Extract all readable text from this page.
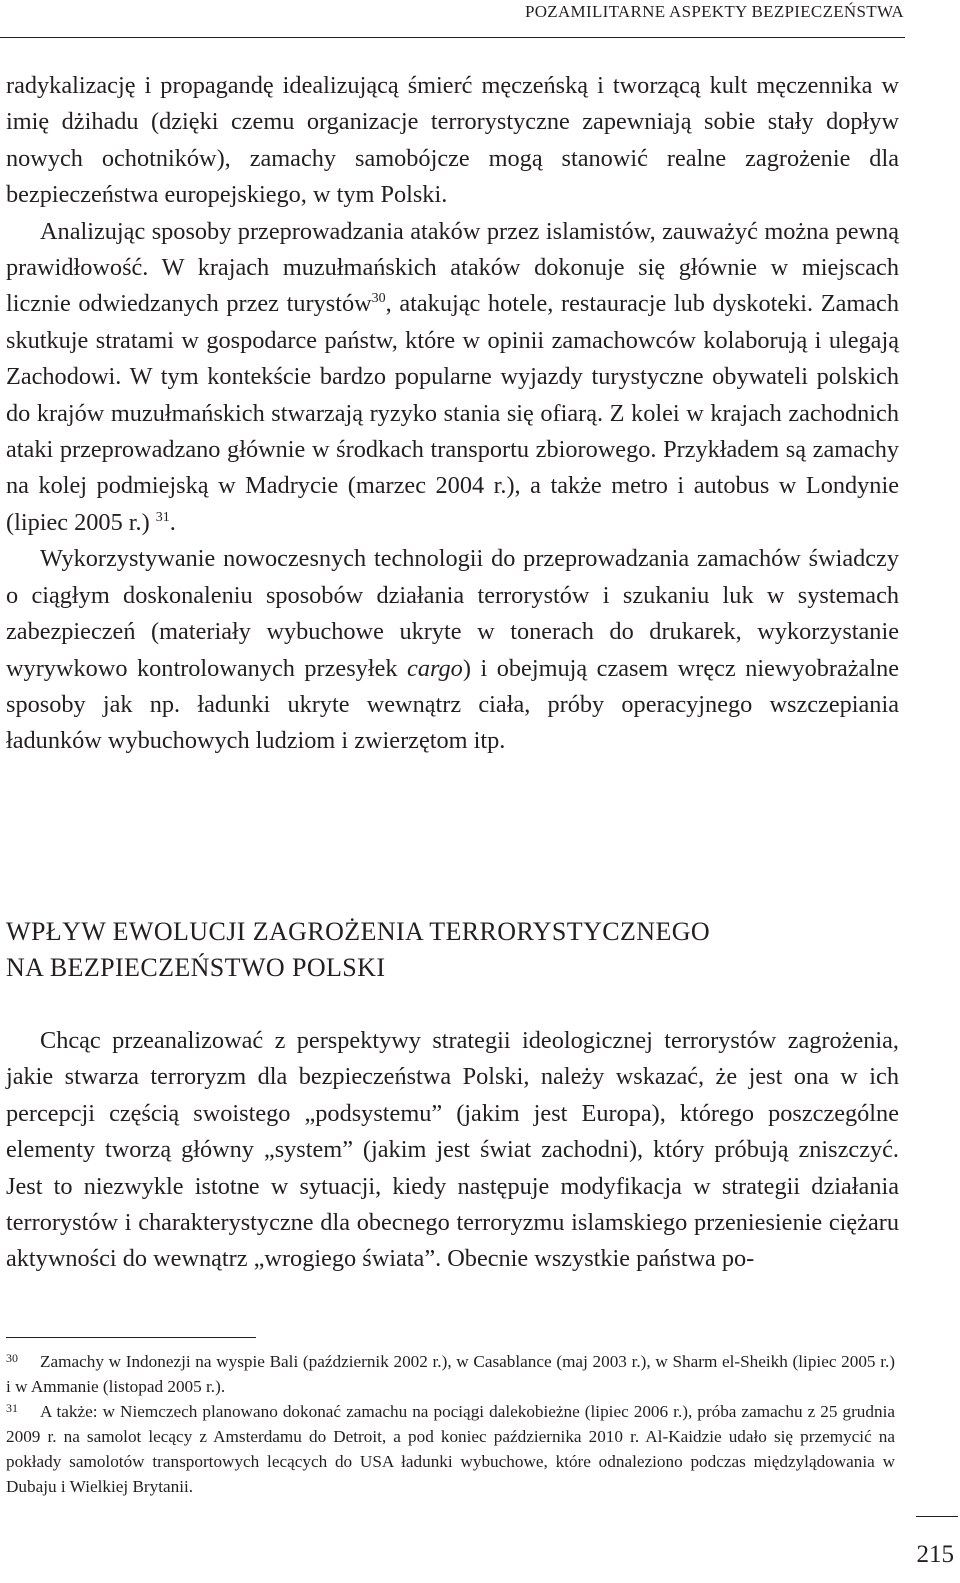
POZAMILITARNE ASPEKTY BEZPIECZEŃSTWA

radykalizację i propagandę idealizującą śmierć męczeńską i tworzącą kult męczennika w imię dżihadu (dzięki czemu organizacje terrorystyczne zapewniają sobie stały dopływ nowych ochotników), zamachy samobójcze mogą stanowić realne zagrożenie dla bezpieczeństwa europejskiego, w tym Polski.

Analizując sposoby przeprowadzania ataków przez islamistów, zauważyć można pewną prawidłowość. W krajach muzułmańskich ataków dokonuje się głównie w miejscach licznie odwiedzanych przez turystów$^{30}$, atakując hotele, restauracje lub dyskoteki. Zamach skutkuje stratami w gospodarce państw, które w opinii zamachowców kolaborują i ulegają Zachodowi. W tym kontekście bardzo popularne wyjazdy turystyczne obywateli polskich do krajów muzułmańskich stwarzają ryzyko stania się ofiarą. Z kolei w krajach zachodnich ataki przeprowadzano głównie w środkach transportu zbiorowego. Przykładem są zamachy na kolej podmiejską w Madrycie (marzec 2004 r.), a także metro i autobus w Londynie (lipiec 2005 r.) $^{31}$.

Wykorzystywanie nowoczesnych technologii do przeprowadzania zamachów świadczy o ciągłym doskonaleniu sposobów działania terrorystów i szukaniu luk w systemach zabezpieczeń (materiały wybuchowe ukryte w tonerach do drukarek, wykorzystanie wyrywkowo kontrolowanych przesyłek cargo) i obejmują czasem wręcz niewyobrażalne sposoby jak np. ładunki ukryte wewnątrz ciała, próby operacyjnego wszczepiania ładunków wybuchowych ludziom i zwierzętom itp.

WPŁYW EWOLUCJI ZAGROŻENIA TERRORYSTYCZNEGO
NA BEZPIECZEŃSTWO POLSKI

Chcąc przeanalizować z perspektywy strategii ideologicznej terrorystów zagrożenia, jakie stwarza terroryzm dla bezpieczeństwa Polski, należy wskazać, że jest ona w ich percepcji częścią swoistego „podsystemu” (jakim jest Europa), którego poszczególne elementy tworzą główny „system” (jakim jest świat zachodni), który próbują zniszczyć. Jest to niezwykle istotne w sytuacji, kiedy następuje modyfikacja w strategii działania terrorystów i charakterystyczne dla obecnego terroryzmu islamskiego przeniesienie ciężaru aktywności do wewnątrz „wrogiego świata”. Obecnie wszystkie państwa po-

30 Zamachy w Indonezji na wyspie Bali (październik 2002 r.), w Casablance (maj 2003 r.), w Sharm el-Sheikh (lipiec 2005 r.) i w Ammanie (listopad 2005 r.).

31 A także: w Niemczech planowano dokonać zamachu na pociągi dalekobieżne (lipiec 2006 r.), próba zamachu z 25 grudnia 2009 r. na samolot lecący z Amsterdamu do Detroit, a pod koniec października 2010 r. Al-Kaidzie udało się przemycić na pokłady samolotów transportowych lecących do USA ładunki wybuchowe, które odnaleziono podczas międzylądowania w Dubaju i Wielkiej Brytanii.

215
